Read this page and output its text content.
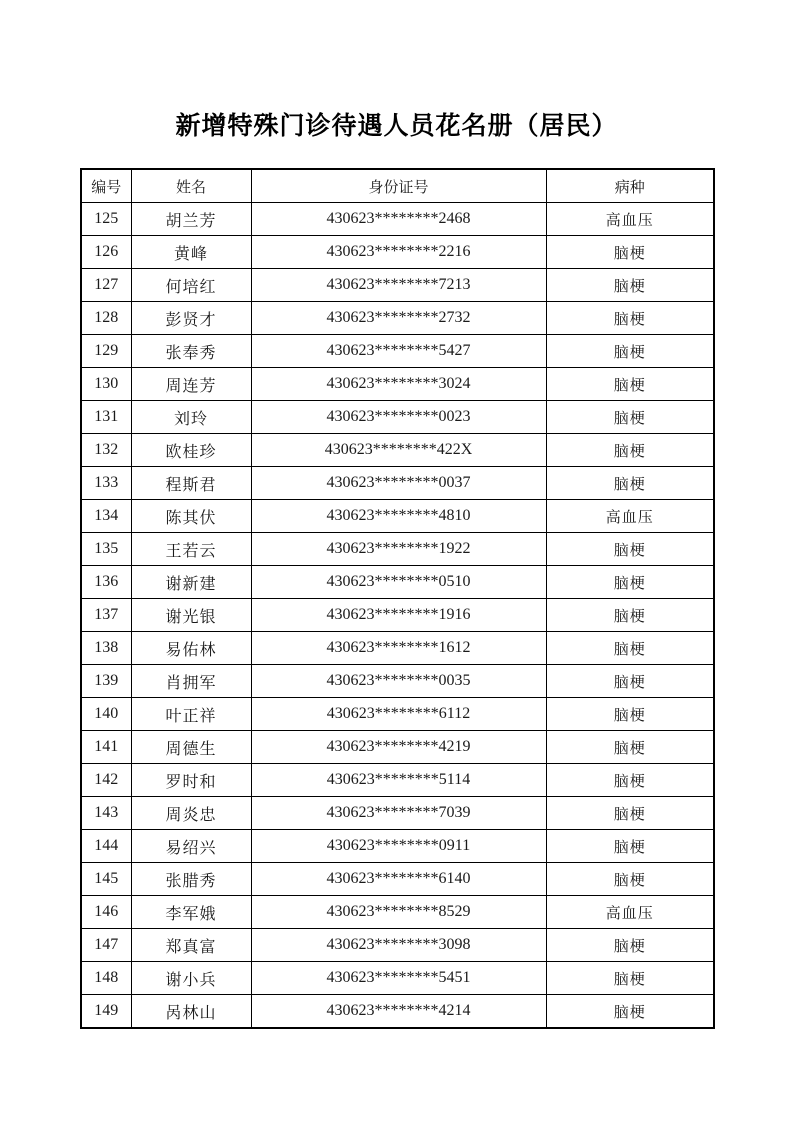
新增特殊门诊待遇人员花名册（居民）
编号	姓名	身份证号	病种
125	胡兰芳	430623********2468	高血压
126	黄峰	430623********2216	脑梗
127	何培红	430623********7213	脑梗
128	彭贤才	430623********2732	脑梗
129	张奉秀	430623********5427	脑梗
130	周连芳	430623********3024	脑梗
131	刘玲	430623********0023	脑梗
132	欧桂珍	430623********422X	脑梗
133	程斯君	430623********0037	脑梗
134	陈其伏	430623********4810	高血压
135	王若云	430623********1922	脑梗
136	谢新建	430623********0510	脑梗
137	谢光银	430623********1916	脑梗
138	易佑林	430623********1612	脑梗
139	肖拥军	430623********0035	脑梗
140	叶正祥	430623********6112	脑梗
141	周德生	430623********4219	脑梗
142	罗时和	430623********5114	脑梗
143	周炎忠	430623********7039	脑梗
144	易绍兴	430623********0911	脑梗
145	张腊秀	430623********6140	脑梗
146	李军娥	430623********8529	高血压
147	郑真富	430623********3098	脑梗
148	谢小兵	430623********5451	脑梗
149	呙林山	430623********4214	脑梗
